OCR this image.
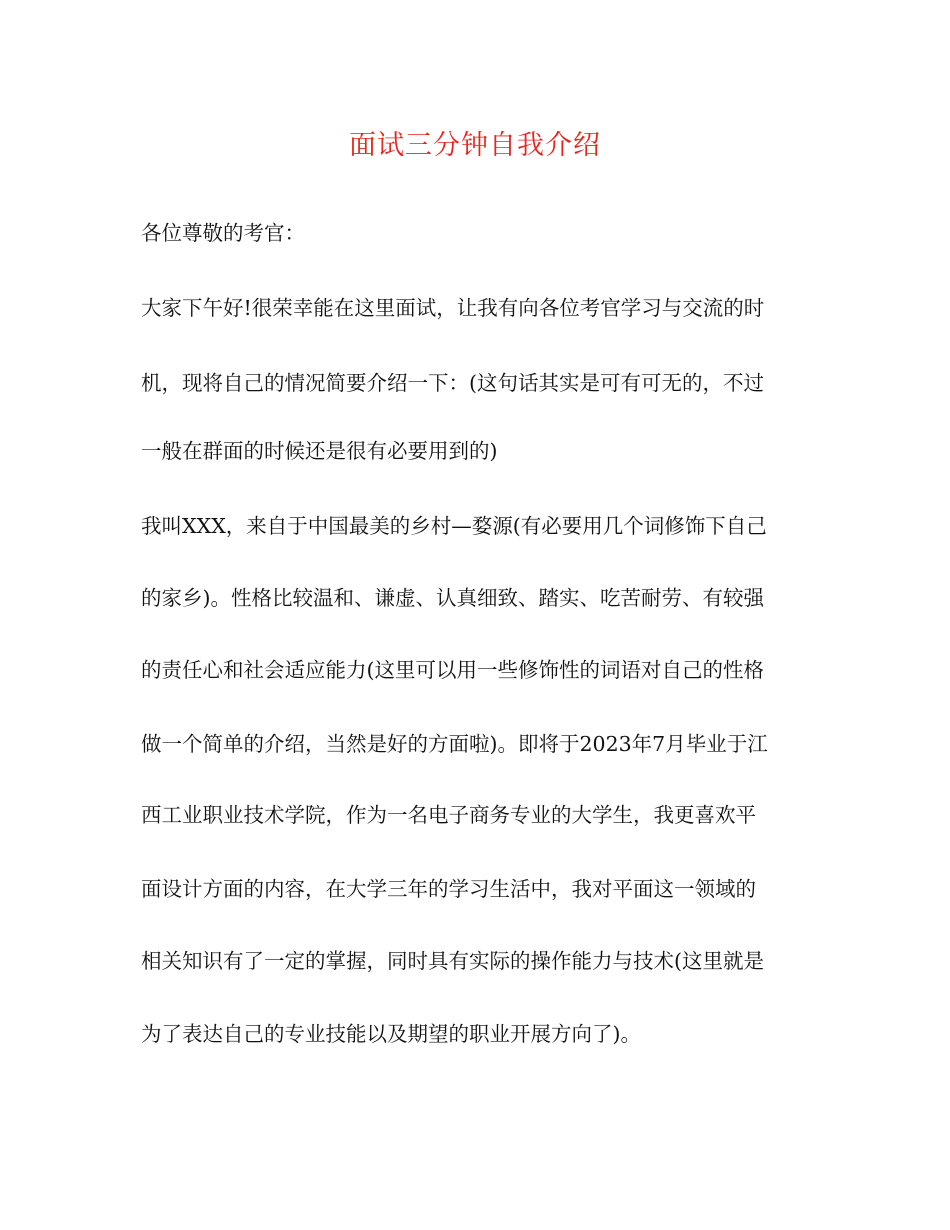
面试三分钟自我介绍

各位尊敬的考官：

大家下午好!很荣幸能在这里面试，让我有向各位考官学习与交流的时

机，现将自己的情况简要介绍一下：(这句话其实是可有可无的，不过

一般在群面的时候还是很有必要用到的)

我叫XXX，来自于中国最美的乡村—婺源(有必要用几个词修饰下自己

的家乡)。性格比较温和、谦虚、认真细致、踏实、吃苦耐劳、有较强

的责任心和社会适应能力(这里可以用一些修饰性的词语对自己的性格

做一个简单的介绍，当然是好的方面啦)。即将于2023年7月毕业于江

西工业职业技术学院，作为一名电子商务专业的大学生，我更喜欢平

面设计方面的内容，在大学三年的学习生活中，我对平面这一领域的

相关知识有了一定的掌握，同时具有实际的操作能力与技术(这里就是

为了表达自己的专业技能以及期望的职业开展方向了)。
